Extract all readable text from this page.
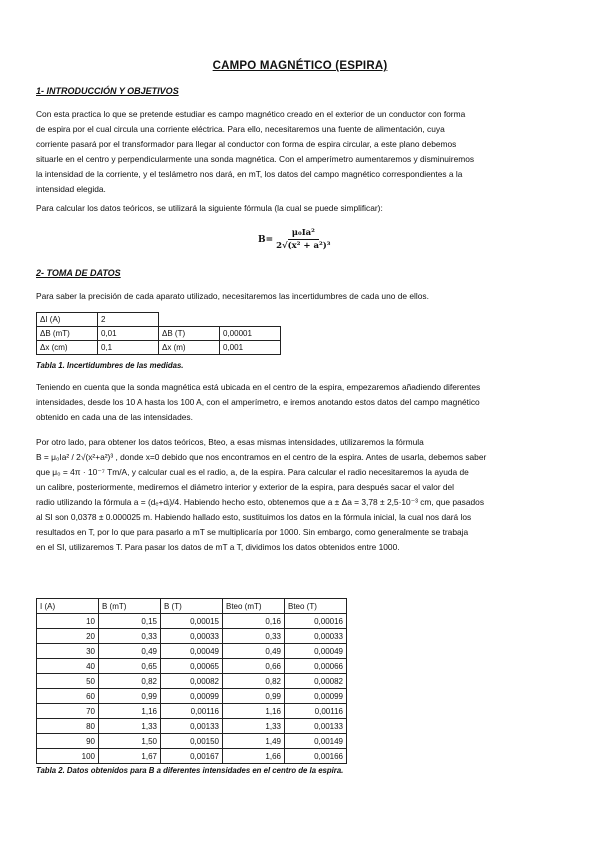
CAMPO MAGNÉTICO (ESPIRA)
1- INTRODUCCIÓN Y OBJETIVOS
Con esta practica lo que se pretende estudiar es campo magnético creado en el exterior de un conductor con forma
de espira por el cual circula una corriente eléctrica. Para ello, necesitaremos una fuente de alimentación, cuya
corriente pasará por el transformador para llegar al conductor con forma de espira circular, a este plano debemos
situarle en el centro y perpendicularmente una sonda magnética. Con el amperímetro aumentaremos y disminuiremos
la intensidad de la corriente, y el teslámetro nos dará, en mT, los datos del campo magnético correspondientes a la
intensidad elegida.
Para calcular los datos teóricos, se utilizará la siguiente fórmula (la cual se puede simplificar):
$B= \frac{\text{μ₀Ia²}}{\text{2√(x² + a²)³}}$
2- TOMA DE DATOS
Para saber la precisión de cada aparato utilizado, necesitaremos las incertidumbres de cada uno de ellos.
ΔI (A)	2		
ΔB (mT)	0,01	ΔB (T)	0,00001
Δx (cm)	0,1	Δx (m)	0,001
Tabla 1. Incertidumbres de las medidas.
Teniendo en cuenta que la sonda magnética está ubicada en el centro de la espira, empezaremos añadiendo diferentes
intensidades, desde los 10 A hasta los 100 A, con el amperímetro, e iremos anotando estos datos del campo magnético
obtenido en cada una de las intensidades.
Por otro lado, para obtener los datos teóricos, Bteo, a esas mismas intensidades, utilizaremos la fórmula
B = μ₀Ia² / 2√(x²+a²)³ , donde x=0 debido que nos encontramos en el centro de la espira. Antes de usarla, debemos saber
que μ₀ = 4π · 10⁻⁷ Tm/A, y calcular cual es el radio, a, de la espira. Para calcular el radio necesitaremos la ayuda de
un calibre, posteriormente, mediremos el diámetro interior y exterior de la espira, para después sacar el valor del
radio utilizando la fórmula a = (dₑ+dᵢ)/4. Habiendo hecho esto, obtenemos que a ± Δa = 3,78 ± 2,5·10⁻³ cm, que pasados
al SI son 0,0378 ± 0.000025 m. Habiendo hallado esto, sustituimos los datos en la fórmula inicial, la cual nos dará los
resultados en T, por lo que para pasarlo a mT se multiplicaría por 1000. Sin embargo, como generalmente se trabaja
en el SI, utilizaremos T. Para pasar los datos de mT a T, dividimos los datos obtenidos entre 1000.
I (A)	B (mT)	B (T)	Bteo (mT)	Bteo (T)
10	0,15	0,00015	0,16	0,00016
20	0,33	0,00033	0,33	0,00033
30	0,49	0,00049	0,49	0,00049
40	0,65	0,00065	0,66	0,00066
50	0,82	0,00082	0,82	0,00082
60	0,99	0,00099	0,99	0,00099
70	1,16	0,00116	1,16	0,00116
80	1,33	0,00133	1,33	0,00133
90	1,50	0,00150	1,49	0,00149
100	1,67	0,00167	1,66	0,00166
Tabla 2. Datos obtenidos para B a diferentes intensidades en el centro de la espira.
